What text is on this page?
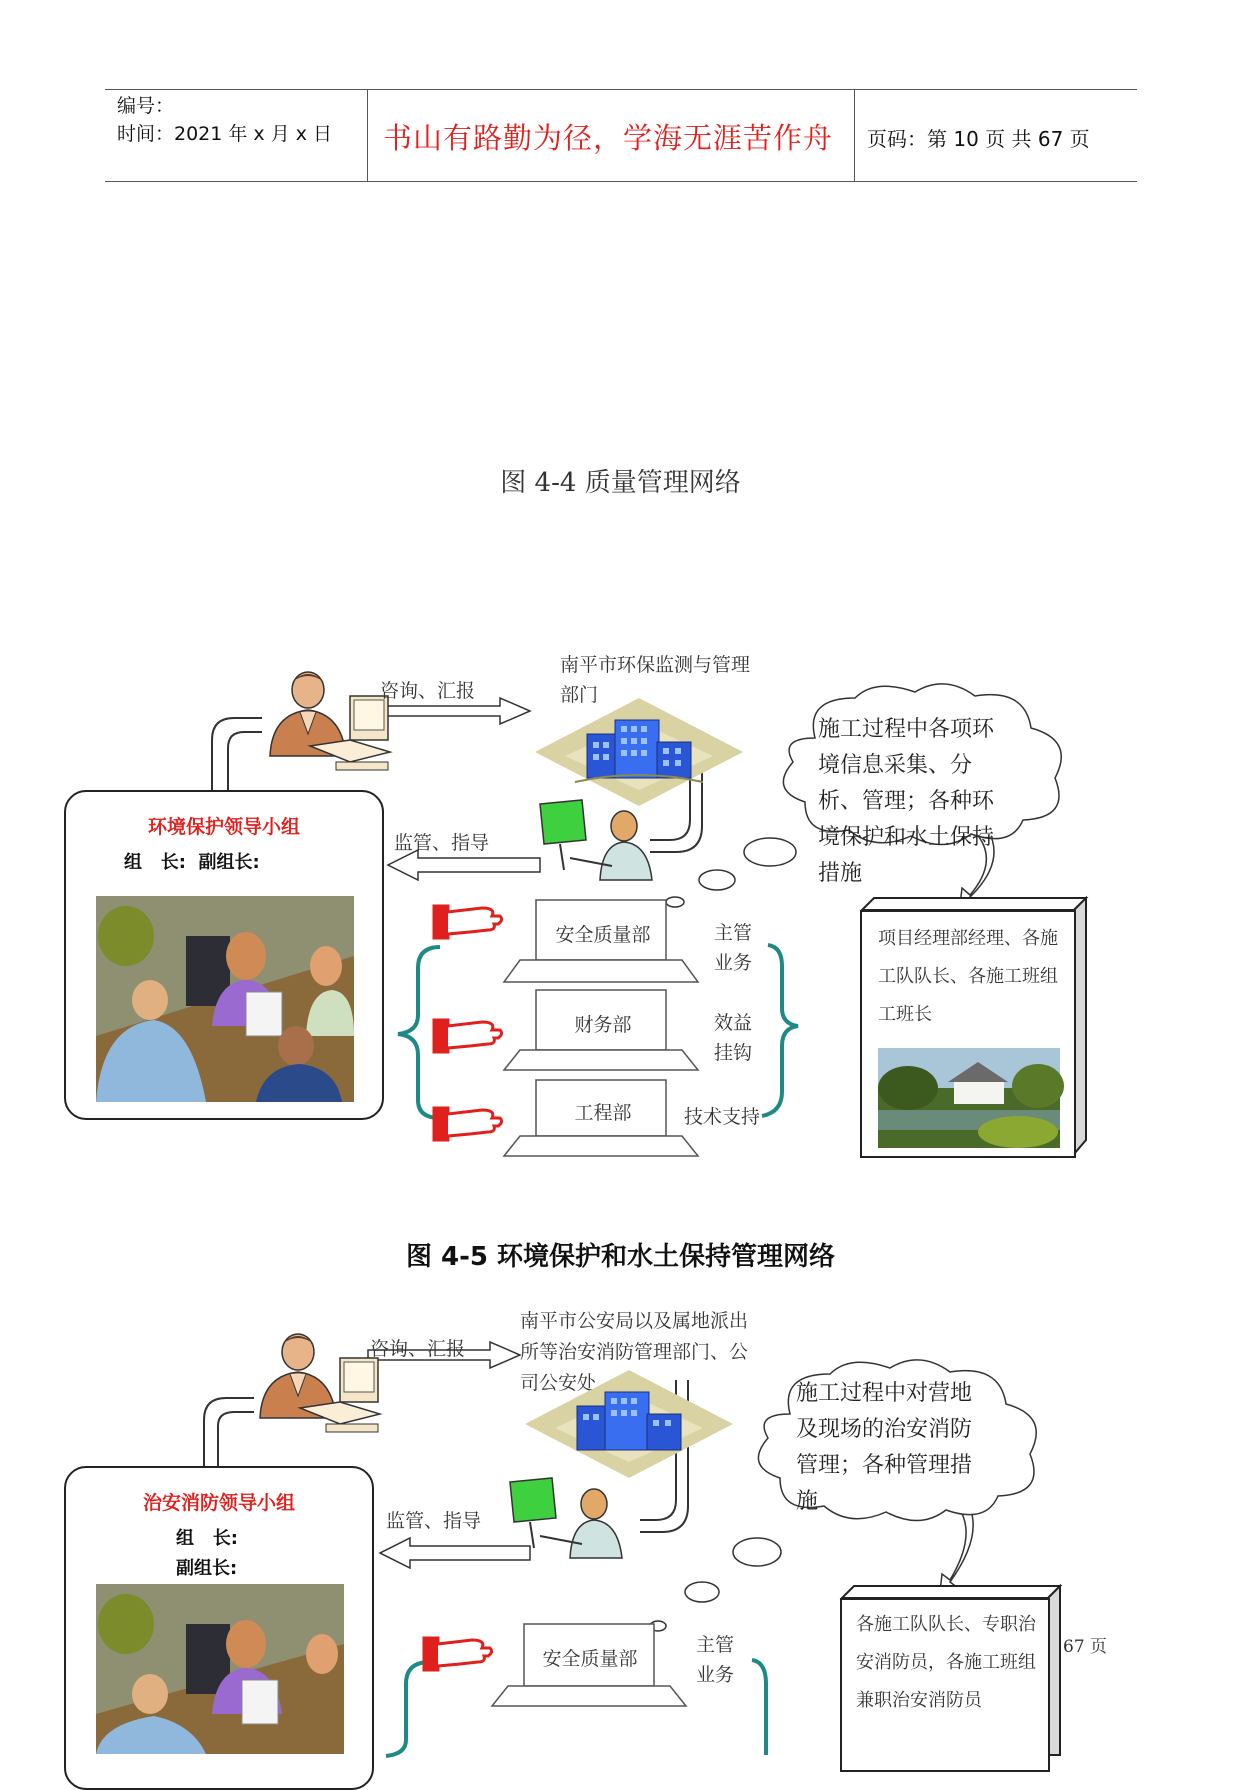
编号：
时间：2021 年 x 月 x 日	书山有路勤为径，学海无涯苦作舟	页码：第 10 页 共 67 页
图 4-4 质量管理网络
咨询、汇报
监管、指导
南平市环保监测与管理部门
环境保护领导小组
组   长:  副组长:
施工过程中各项环境信息采集、分析、管理；各种环境保护和水土保持措施
安全质量部
财务部
工程部
主管业务
效益挂钩
技术支持
项目经理部经理、各施工队队长、各施工班组工班长
图 4-5 环境保护和水土保持管理网络
咨询、汇报
监管、指导
南平市公安局以及属地派出所等治安消防管理部门、公司公安处
治安消防领导小组
组   长:
副组长:
施工过程中对营地及现场的治安消防管理；各种管理措施
安全质量部
主管业务
各施工队队长、专职治安消防员，各施工班组兼职治安消防员
67 页
